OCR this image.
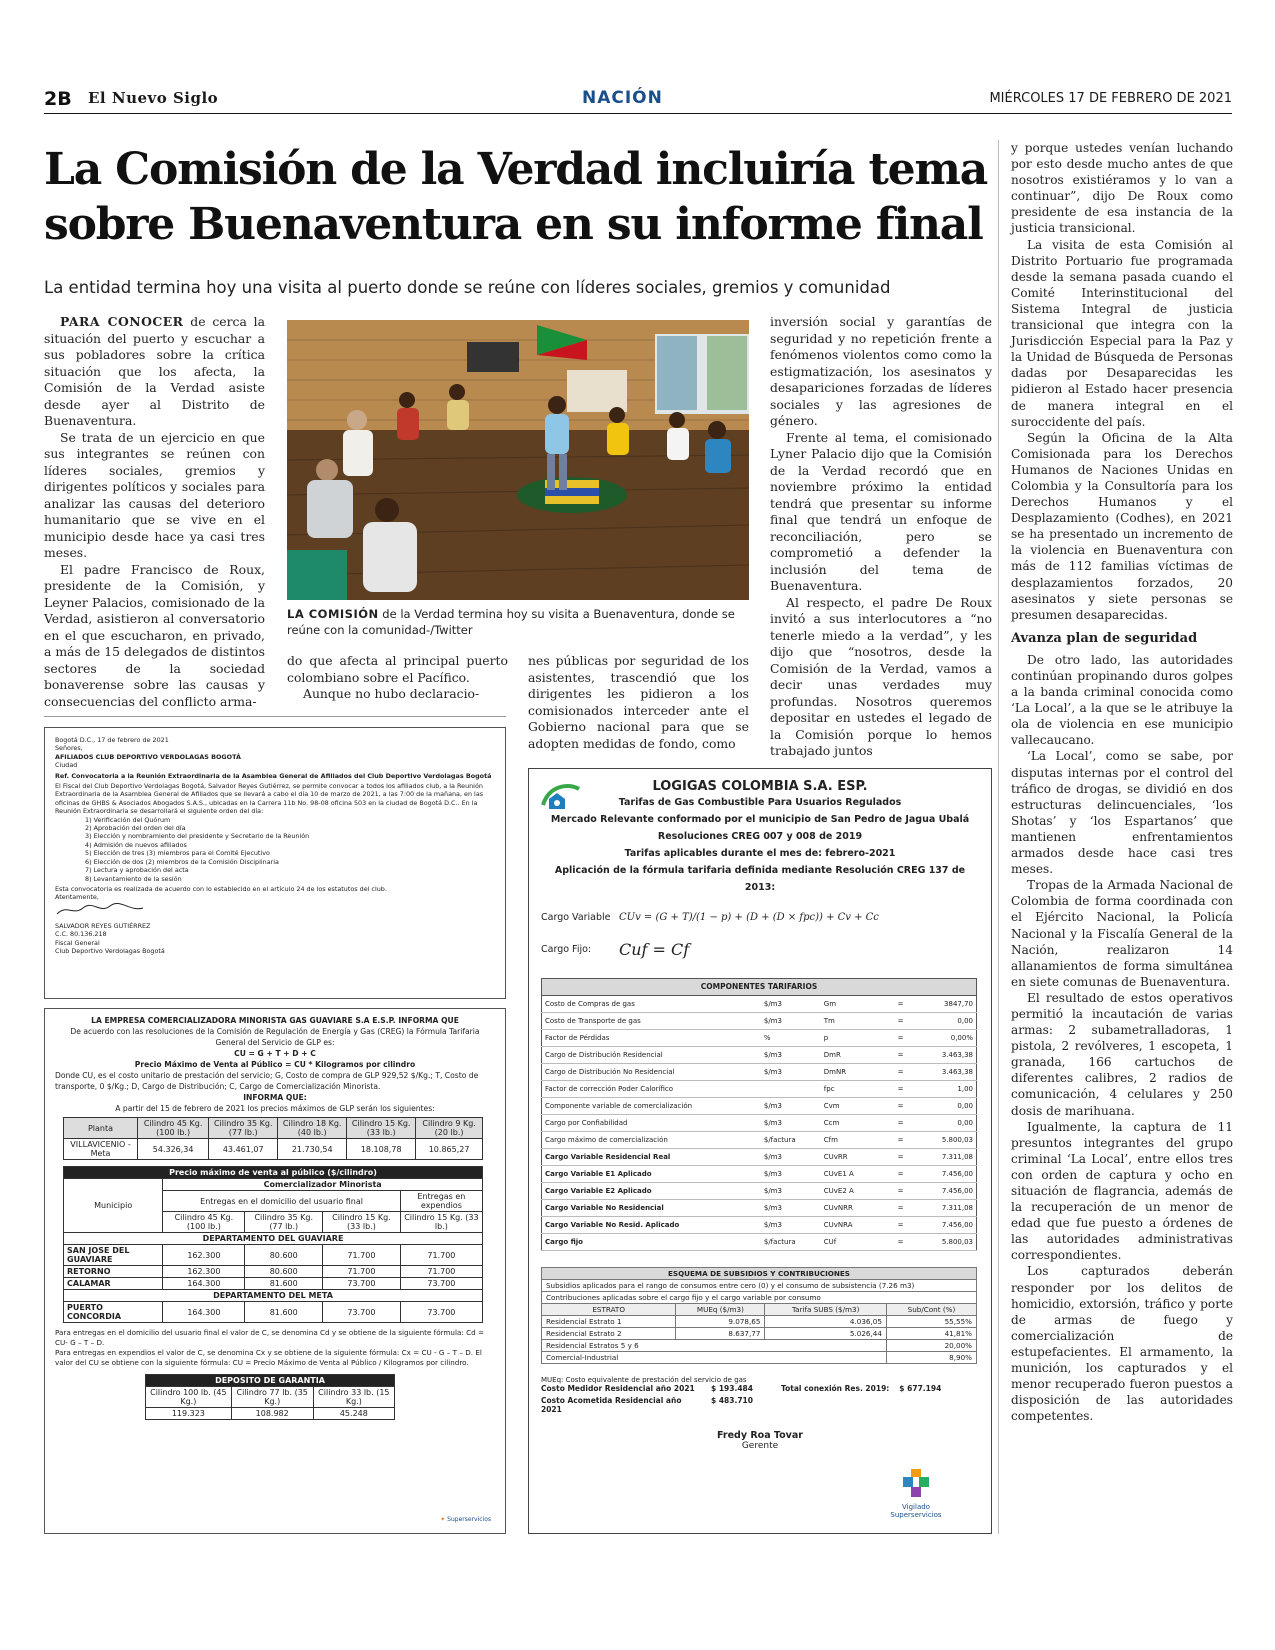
2B El Nuevo Siglo	NACIÓN	MIÉRCOLES 17 DE FEBRERO DE 2021
La Comisión de la Verdad incluiría tema
sobre Buenaventura en su informe final
La entidad termina hoy una visita al puerto donde se reúne con líderes sociales, gremios y comunidad

PARA CONOCER de cerca la situación del puerto y escuchar a sus pobladores sobre la crítica situación que los afecta, la Comisión de la Verdad asiste desde ayer al Distrito de Buenaventura.

Se trata de un ejercicio en que sus integrantes se reúnen con líderes sociales, gremios y dirigentes políticos y sociales para analizar las causas del deterioro humanitario que se vive en el municipio desde hace ya casi tres meses.

El padre Francisco de Roux, presidente de la Comisión, y Leyner Palacios, comisionado de la Verdad, asistieron al conversatorio en el que escucharon, en privado, a más de 15 delegados de distintos sectores de la sociedad bonaverense sobre las causas y consecuencias del conflicto arma-

LA COMISIÓN de la Verdad termina hoy su visita a Buenaventura, donde se reúne con la comunidad-/Twitter

do que afecta al principal puerto colombiano sobre el Pacífico.

Aunque no hubo declaracio-

nes públicas por seguridad de los asistentes, trascendió que los dirigentes les pidieron a los comisionados interceder ante el Gobierno nacional para que se adopten medidas de fondo, como

inversión social y garantías de seguridad y no repetición frente a fenómenos violentos como como la estigmatización, los asesinatos y desapariciones forzadas de líderes sociales y las agresiones de género.

Frente al tema, el comisionado Lyner Palacio dijo que la Comisión de la Verdad recordó que en noviembre próximo la entidad tendrá que presentar su informe final que tendrá un enfoque de reconciliación, pero se comprometió a defender la inclusión del tema de Buenaventura.

Al respecto, el padre De Roux invitó a sus interlocutores a “no tenerle miedo a la verdad”, y les dijo que “nosotros, desde la Comisión de la Verdad, vamos a decir unas verdades muy profundas. Nosotros queremos depositar en ustedes el legado de la Comisión porque lo hemos trabajado juntos

y porque ustedes venían luchando por esto desde mucho antes de que nosotros existiéramos y lo van a continuar”, dijo De Roux como presidente de esa instancia de la justicia transicional.

La visita de esta Comisión al Distrito Portuario fue programada desde la semana pasada cuando el Comité Interinstitucional del Sistema Integral de justicia transicional que integra con la Jurisdicción Especial para la Paz y la Unidad de Búsqueda de Personas dadas por Desaparecidas les pidieron al Estado hacer presencia de manera integral en el suroccidente del país.

Según la Oficina de la Alta Comisionada para los Derechos Humanos de Naciones Unidas en Colombia y la Consultoría para los Derechos Humanos y el Desplazamiento (Codhes), en 2021 se ha presentado un incremento de la violencia en Buenaventura con más de 112 familias víctimas de desplazamientos forzados, 20 asesinatos y siete personas se presumen desaparecidas.

Avanza plan de seguridad

De otro lado, las autoridades continúan propinando duros golpes a la banda criminal conocida como ‘La Local’, a la que se le atribuye la ola de violencia en ese municipio vallecaucano.

‘La Local’, como se sabe, por disputas internas por el control del tráfico de drogas, se dividió en dos estructuras delincuenciales, ‘los Shotas’ y ‘los Espartanos’ que mantienen enfrentamientos armados desde hace casi tres meses.

Tropas de la Armada Nacional de Colombia de forma coordinada con el Ejército Nacional, la Policía Nacional y la Fiscalía General de la Nación, realizaron 14 allanamientos de forma simultánea en siete comunas de Buenaventura.

El resultado de estos operativos permitió la incautación de varias armas: 2 subametralladoras, 1 pistola, 2 revólveres, 1 escopeta, 1 granada, 166 cartuchos de diferentes calibres, 2 radios de comunicación, 4 celulares y 250 dosis de marihuana.

Igualmente, la captura de 11 presuntos integrantes del grupo criminal ‘La Local’, entre ellos tres con orden de captura y ocho en situación de flagrancia, además de la recuperación de un menor de edad que fue puesto a órdenes de las autoridades administrativas correspondientes.

Los capturados deberán responder por los delitos de homicidio, extorsión, tráfico y porte de armas de fuego y comercialización de estupefacientes. El armamento, la munición, los capturados y el menor recuperado fueron puestos a disposición de las autoridades competentes.

Bogotá D.C., 17 de febrero de 2021
Señores,
AFILIADOS CLUB DEPORTIVO VERDOLAGAS BOGOTÁ
Ciudad
Ref. Convocatoria a la Reunión Extraordinaria de la Asamblea General de Afiliados del Club Deportivo Verdolagas Bogotá
El Fiscal del Club Deportivo Verdolagas Bogotá, Salvador Reyes Gutiérrez, se permite convocar a todos los afiliados club, a la Reunión Extraordinaria de la Asamblea General de Afiliados que se llevará a cabo el día 10 de marzo de 2021, a las 7:00 de la mañana, en las oficinas de GHBS & Asociados Abogados S.A.S., ubicadas en la Carrera 11b No. 98-08 oficina 503 en la ciudad de Bogotá D.C.. En la Reunión Extraordinaria se desarrollará el siguiente orden del día:
1) Verificación del Quórum
2) Aprobación del orden del día
3) Elección y nombramiento del presidente y Secretario de la Reunión
4) Admisión de nuevos afiliados
5) Elección de tres (3) miembros para el Comité Ejecutivo
6) Elección de dos (2) miembros de la Comisión Disciplinaria
7) Lectura y aprobación del acta
8) Levantamiento de la sesión
Esta convocatoria es realizada de acuerdo con lo establecido en el artículo 24 de los estatutos del club.
Atentamente,
SALVADOR REYES GUTIÉRREZ
C.C. 80.136.218
Fiscal General
Club Deportivo Verdolagas Bogotá
LA EMPRESA COMERCIALIZADORA MINORISTA GAS GUAVIARE S.A E.S.P. INFORMA QUE
De acuerdo con las resoluciones de la Comisión de Regulación de Energía y Gas (CREG) la Fórmula Tarifaria General del Servicio de GLP es:
CU = G + T + D + C
Precio Máximo de Venta al Público = CU * Kilogramos por cilindro
Donde CU, es el costo unitario de prestación del servicio; G, Costo de compra de GLP 929,52 $/Kg.; T, Costo de transporte, 0 $/Kg.; D, Cargo de Distribución; C, Cargo de Comercialización Minorista.
INFORMA QUE:
A partir del 15 de febrero de 2021 los precios máximos de GLP serán los siguientes:
Planta	Cilindro 45 Kg. (100 lb.)	Cilindro 35 Kg. (77 lb.)	Cilindro 18 Kg. (40 lb.)	Cilindro 15 Kg. (33 lb.)	Cilindro 9 Kg. (20 lb.)
VILLAVICENIO - Meta	54.326,34	43.461,07	21.730,54	18.108,78	10.865,27
Precio máximo de venta al público ($/cilindro)				
Municipio	Comercializador Minorista			
	Entregas en el domicilio del usuario final			Entregas en expendios
	Cilindro 45 Kg. (100 lb.)	Cilindro 35 Kg. (77 lb.)	Cilindro 15 Kg. (33 lb.)	Cilindro 15 Kg. (33 lb.)
DEPARTAMENTO DEL GUAVIARE				
SAN JOSE DEL GUAVIARE	162.300	80.600	71.700	71.700
RETORNO	162.300	80.600	71.700	71.700
CALAMAR	164.300	81.600	73.700	73.700
DEPARTAMENTO DEL META				
PUERTO CONCORDIA	164.300	81.600	73.700	73.700
Para entregas en el domicilio del usuario final el valor de C, se denomina Cd y se obtiene de la siguiente fórmula: Cd = CU- G – T – D.
Para entregas en expendios el valor de C, se denomina Cx y se obtiene de la siguiente fórmula: Cx = CU - G – T – D. El valor del CU se obtiene con la siguiente fórmula: CU = Precio Máximo de Venta al Público / Kilogramos por cilindro.
DEPOSITO DE GARANTIA		
Cilindro 100 lb. (45 Kg.)	Cilindro 77 lb. (35 Kg.)	Cilindro 33 lb. (15 Kg.)
119.323	108.982	45.248
✦ Superservicios
LOGIGAS COLOMBIA S.A. ESP.
Tarifas de Gas Combustible Para Usuarios Regulados
Mercado Relevante conformado por el municipio de San Pedro de Jagua Ubalá
Resoluciones CREG 007 y 008 de 2019
Tarifas aplicables durante el mes de: febrero-2021
Aplicación de la fórmula tarifaria definida mediante Resolución CREG 137 de 2013:
Cargo Variable CUv = (G + T)/(1 − p) + (D + (D × fpc)) + Cv + Cc
Cargo Fijo:	Cuf = Cf
COMPONENTES TARIFARIOS
Costo de Compras de gas	$/m3	Gm	=	3847,70
Costo de Transporte de gas	$/m3	Tm	=	0,00
Factor de Pérdidas	%	p	=	0,00%
Cargo de Distribución Residencial	$/m3	DmR	=	3.463,38
Cargo de Distribución No Residencial	$/m3	DmNR	=	3.463,38
Factor de corrección Poder Calorífico		fpc	=	1,00
Componente variable de comercialización	$/m3	Cvm	=	0,00
Cargo por Confiabilidad	$/m3	Ccm	=	0,00
Cargo máximo de comercialización	$/factura	Cfm	=	5.800,03
Cargo Variable Residencial Real	$/m3	CUvRR	=	7.311,08
Cargo Variable E1 Aplicado	$/m3	CUvE1 A	=	7.456,00
Cargo Variable E2 Aplicado	$/m3	CUvE2 A	=	7.456,00
Cargo Variable No Residencial	$/m3	CUvNRR	=	7.311,08
Cargo Variable No Resid. Aplicado	$/m3	CUvNRA	=	7.456,00
Cargo fijo	$/factura	CUf	=	5.800,03
ESQUEMA DE SUBSIDIOS Y CONTRIBUCIONES			
Subsidios aplicados para el rango de consumos entre cero (0) y el consumo de subsistencia (7.26 m3)			
Contribuciones aplicadas sobre el cargo fijo y el cargo variable por consumo			
ESTRATO	MUEq ($/m3)	Tarifa SUBS ($/m3)	Sub/Cont (%)
Residencial Estrato 1	9.078,65	4.036,05	55,55%
Residencial Estrato 2	8.637,77	5.026,44	41,81%
Residencial Estratos 5 y 6			20,00%
Comercial-Industrial			8,90%
MUEq: Costo equivalente de prestación del servicio de gas
Costo Medidor Residencial año 2021	$ 193.484	Total conexión Res. 2019: $ 677.194
Costo Acometida Residencial año 2021
$ 483.710
Fredy Roa Tovar
Gerente
Vigilado
Superservicios
